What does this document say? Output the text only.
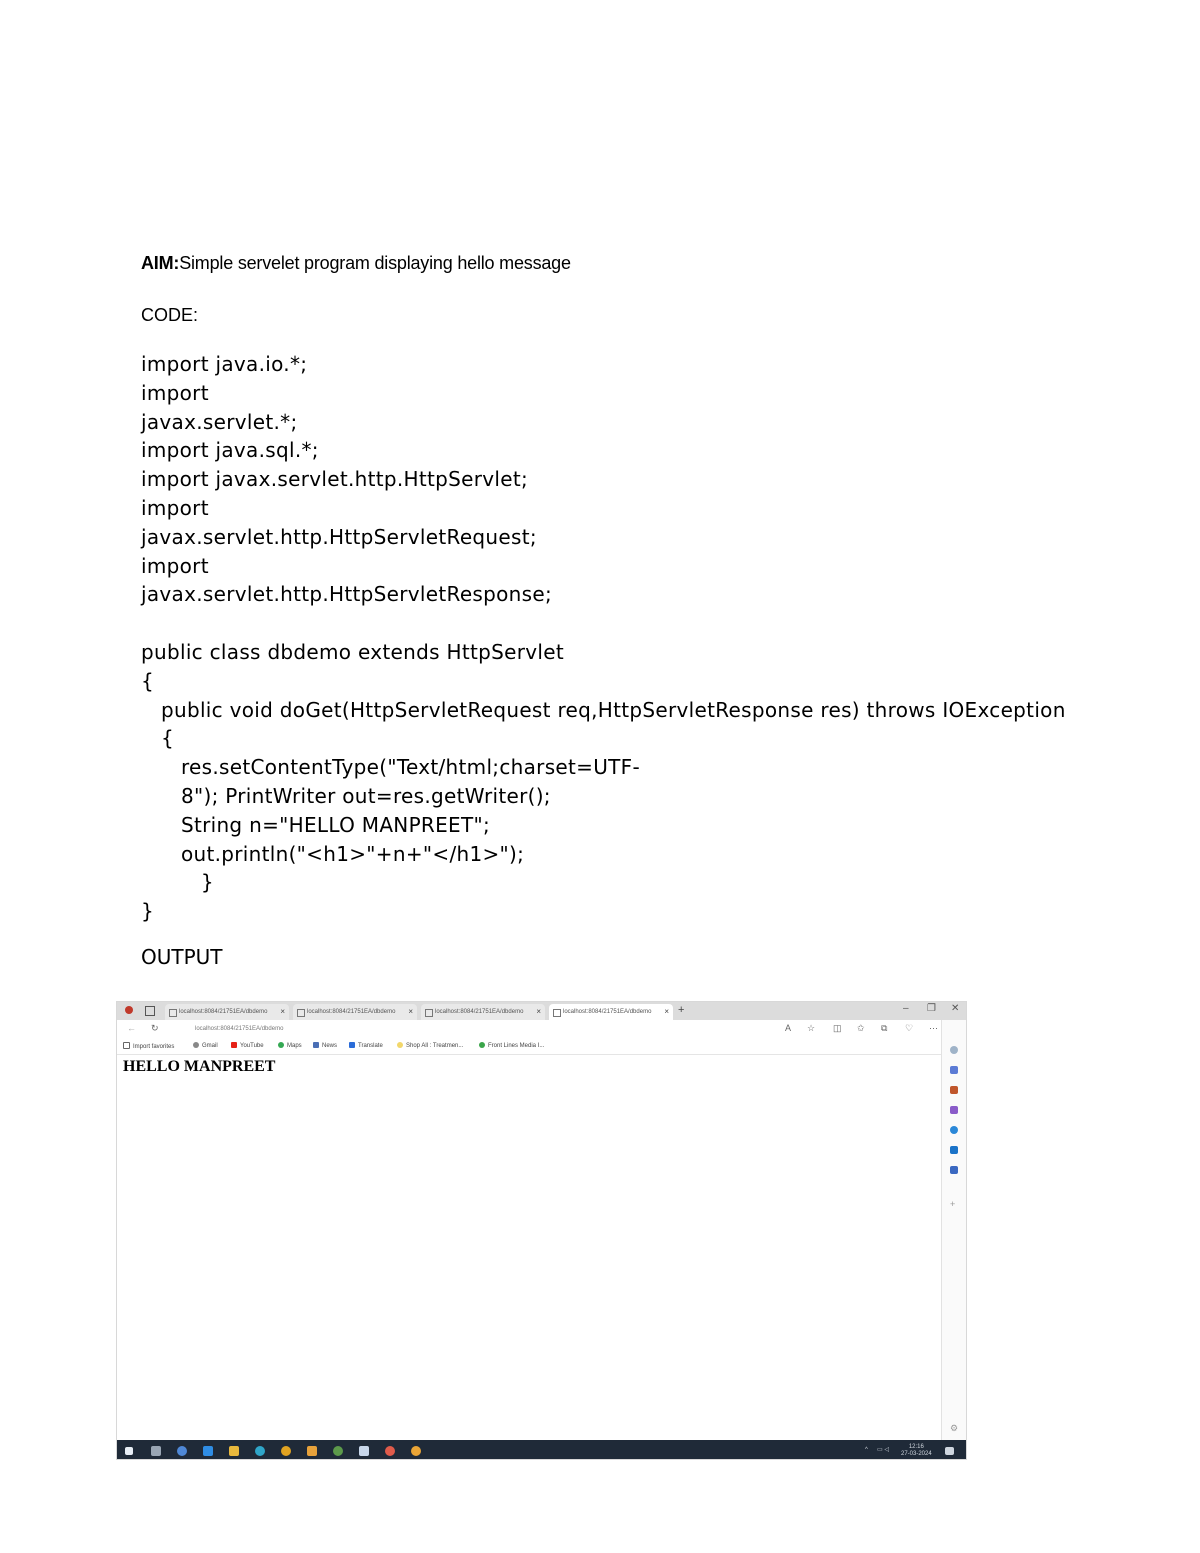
AIM:Simple servelet program displaying hello message
CODE:
import java.io.*;
import
javax.servlet.*;
import java.sql.*;
import javax.servlet.http.HttpServlet;
import
javax.servlet.http.HttpServletRequest;
import
javax.servlet.http.HttpServletResponse;
public class dbdemo extends HttpServlet
{
public void doGet(HttpServletRequest req,HttpServletResponse res) throws IOException
{
res.setContentType("Text/html;charset=UTF-
8"); PrintWriter out=res.getWriter();
String n="HELLO MANPREET";
out.println("<h1>"+n+"</h1>");
}
}
OUTPUT
localhost:8084/21751EA/dbdemo ×	localhost:8084/21751EA/dbdemo ×	localhost:8084/21751EA/dbdemo ×	localhost:8084/21751EA/dbdemo × +	– ❐ ✕
← ↻	localhost:8084/21751EA/dbdemo	A ☆ ◫ ✩ ⧉ ♡ ⋯
Import favorites	Gmail	YouTube	Maps	News	Translate	Shop All : Treatmen...	Front Lines Media I...
HELLO MANPREET
+
⚙
^ ▭ ◁	12:16
27-03-2024
